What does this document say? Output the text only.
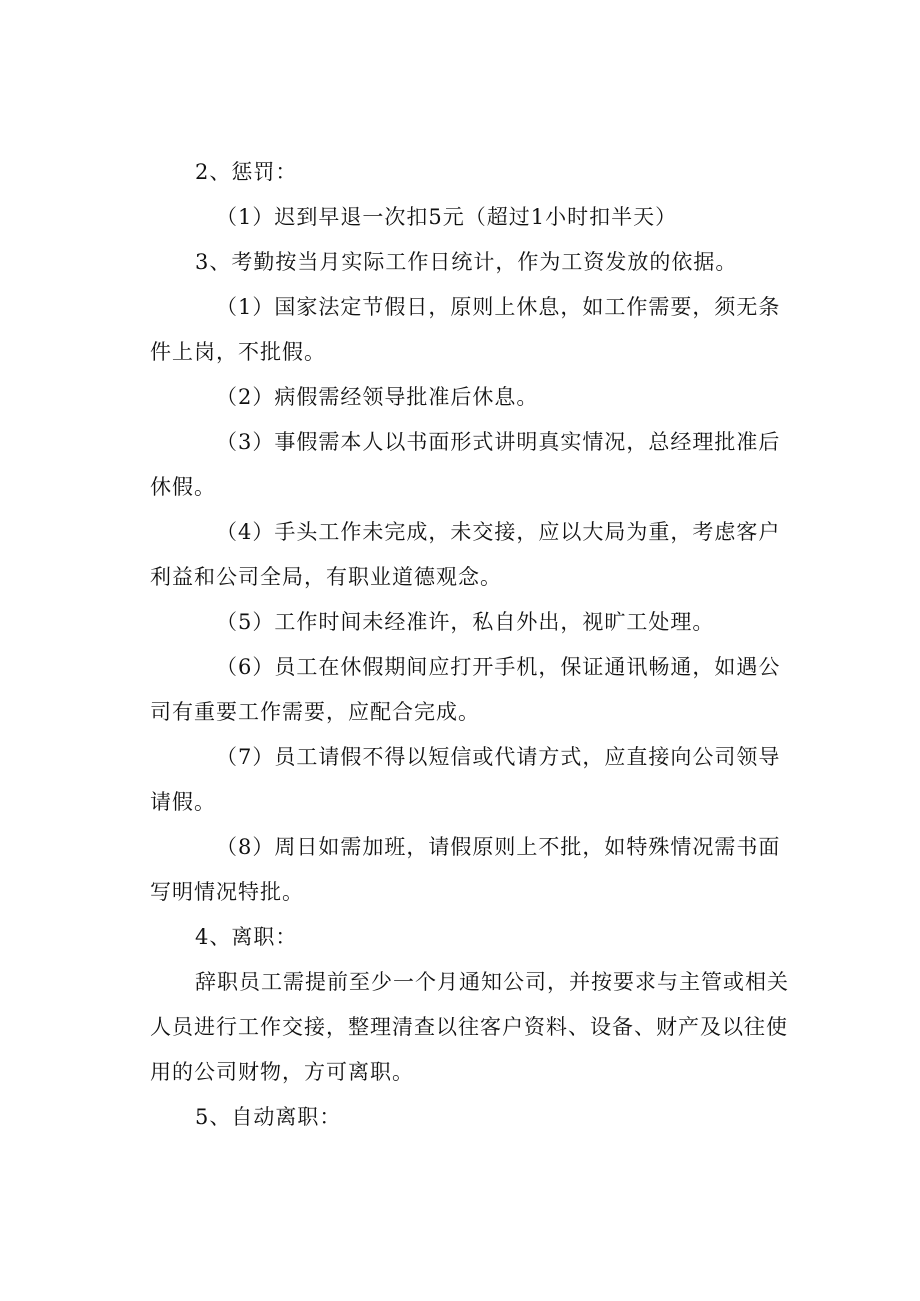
2、惩罚：

（1）迟到早退一次扣5元（超过1小时扣半天）

3、考勤按当月实际工作日统计，作为工资发放的依据。

（1）国家法定节假日，原则上休息，如工作需要，须无条件上岗，不批假。

（2）病假需经领导批准后休息。

（3）事假需本人以书面形式讲明真实情况，总经理批准后休假。

（4）手头工作未完成，未交接，应以大局为重，考虑客户利益和公司全局，有职业道德观念。

（5）工作时间未经准许，私自外出，视旷工处理。

（6）员工在休假期间应打开手机，保证通讯畅通，如遇公司有重要工作需要，应配合完成。

（7）员工请假不得以短信或代请方式，应直接向公司领导请假。

（8）周日如需加班，请假原则上不批，如特殊情况需书面写明情况特批。

4、离职：

辞职员工需提前至少一个月通知公司，并按要求与主管或相关人员进行工作交接，整理清查以往客户资料、设备、财产及以往使用的公司财物，方可离职。

5、自动离职：
